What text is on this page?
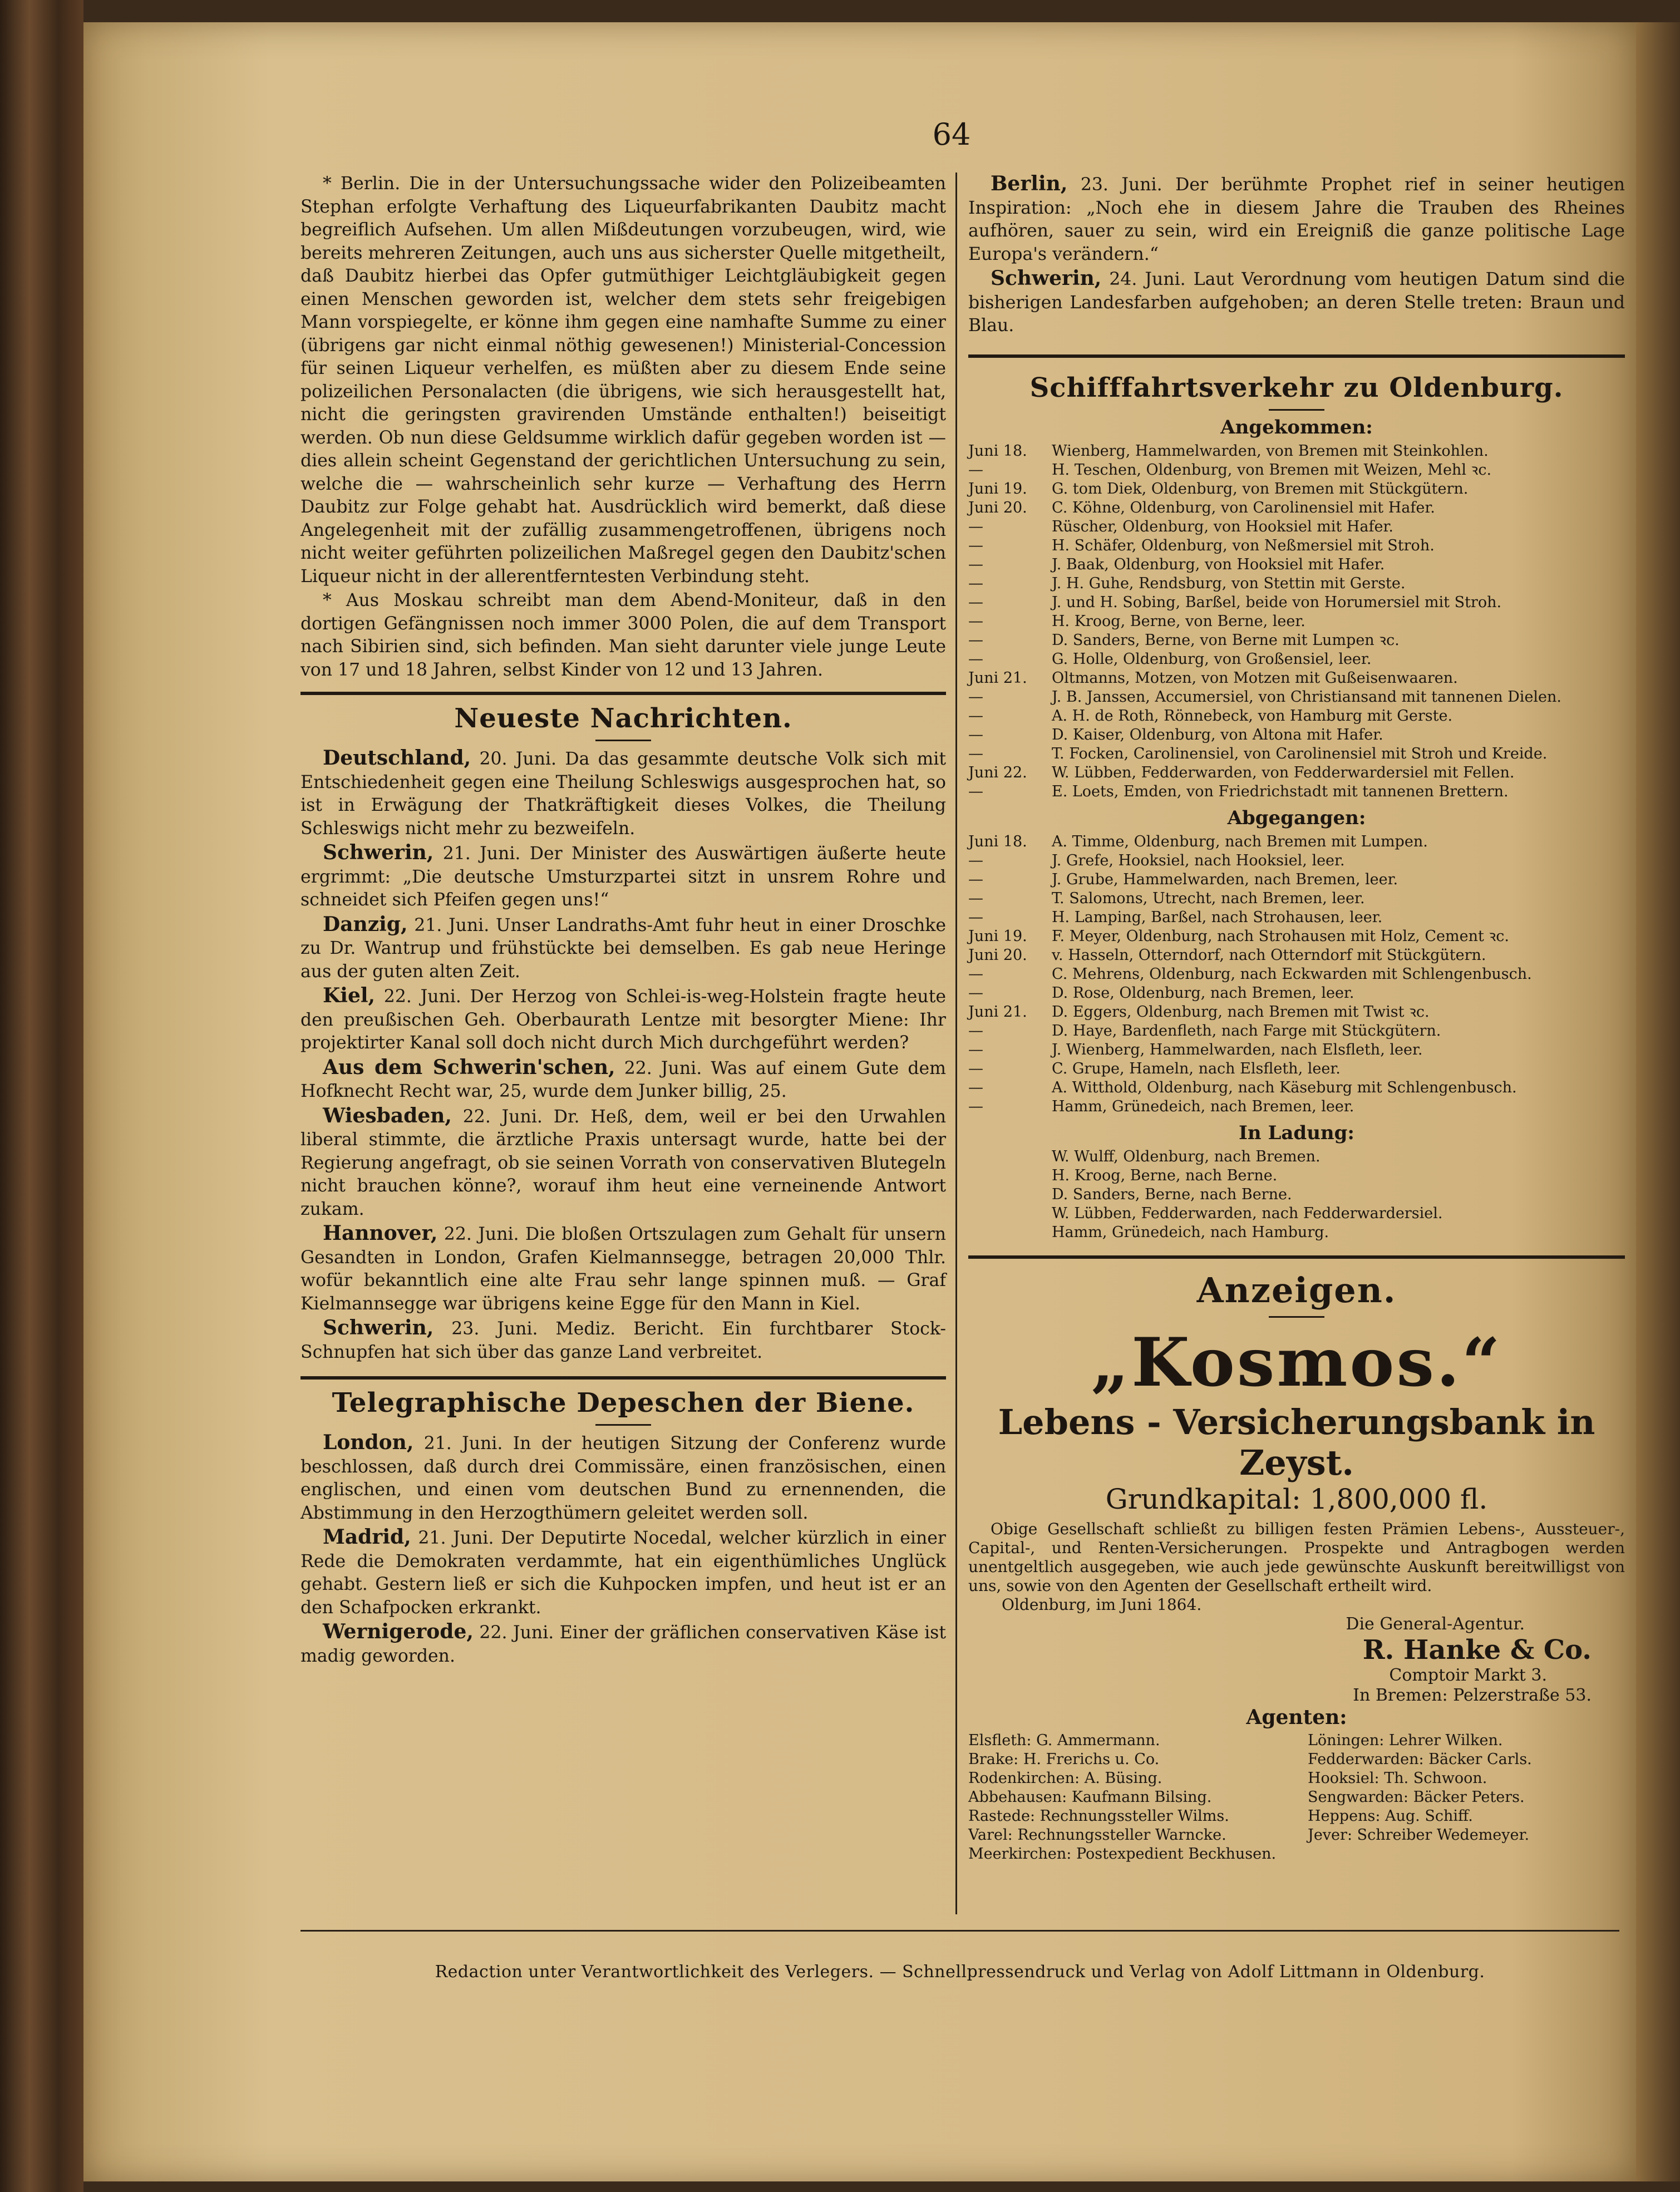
64

* Berlin. Die in der Untersuchungssache wider den Polizeibeamten Stephan erfolgte Verhaftung des Liqueurfabrikanten Daubitz macht begreiflich Aufsehen. Um allen Mißdeutungen vorzubeugen, wird, wie bereits mehreren Zeitungen, auch uns aus sicherster Quelle mitgetheilt, daß Daubitz hierbei das Opfer gutmüthiger Leichtgläubigkeit gegen einen Menschen geworden ist, welcher dem stets sehr freigebigen Mann vorspiegelte, er könne ihm gegen eine namhafte Summe zu einer (übrigens gar nicht einmal nöthig gewesenen!) Ministerial-Concession für seinen Liqueur verhelfen, es müßten aber zu diesem Ende seine polizeilichen Personalacten (die übrigens, wie sich herausgestellt hat, nicht die geringsten gravirenden Umstände enthalten!) beiseitigt werden. Ob nun diese Geldsumme wirklich dafür gegeben worden ist — dies allein scheint Gegenstand der gerichtlichen Untersuchung zu sein, welche die — wahrscheinlich sehr kurze — Verhaftung des Herrn Daubitz zur Folge gehabt hat. Ausdrücklich wird bemerkt, daß diese Angelegenheit mit der zufällig zusammengetroffenen, übrigens noch nicht weiter geführten polizeilichen Maßregel gegen den Daubitz'schen Liqueur nicht in der allerentferntesten Verbindung steht.

* Aus Moskau schreibt man dem Abend-Moniteur, daß in den dortigen Gefängnissen noch immer 3000 Polen, die auf dem Transport nach Sibirien sind, sich befinden. Man sieht darunter viele junge Leute von 17 und 18 Jahren, selbst Kinder von 12 und 13 Jahren.

Neueste Nachrichten.

Deutschland, 20. Juni. Da das gesammte deutsche Volk sich mit Entschiedenheit gegen eine Theilung Schleswigs ausgesprochen hat, so ist in Erwägung der Thatkräftigkeit dieses Volkes, die Theilung Schleswigs nicht mehr zu bezweifeln.

Schwerin, 21. Juni. Der Minister des Auswärtigen äußerte heute ergrimmt: „Die deutsche Umsturzpartei sitzt in unsrem Rohre und schneidet sich Pfeifen gegen uns!“

Danzig, 21. Juni. Unser Landraths-Amt fuhr heut in einer Droschke zu Dr. Wantrup und frühstückte bei demselben. Es gab neue Heringe aus der guten alten Zeit.

Kiel, 22. Juni. Der Herzog von Schlei-is-weg-Holstein fragte heute den preußischen Geh. Oberbaurath Lentze mit besorgter Miene: Ihr projektirter Kanal soll doch nicht durch Mich durchgeführt werden?

Aus dem Schwerin'schen, 22. Juni. Was auf einem Gute dem Hofknecht Recht war, 25, wurde dem Junker billig, 25.

Wiesbaden, 22. Juni. Dr. Heß, dem, weil er bei den Urwahlen liberal stimmte, die ärztliche Praxis untersagt wurde, hatte bei der Regierung angefragt, ob sie seinen Vorrath von conservativen Blutegeln nicht brauchen könne?, worauf ihm heut eine verneinende Antwort zukam.

Hannover, 22. Juni. Die bloßen Ortszulagen zum Gehalt für unsern Gesandten in London, Grafen Kielmannsegge, betragen 20,000 Thlr. wofür bekanntlich eine alte Frau sehr lange spinnen muß. — Graf Kielmannsegge war übrigens keine Egge für den Mann in Kiel.

Schwerin, 23. Juni. Mediz. Bericht. Ein furchtbarer Stock-Schnupfen hat sich über das ganze Land verbreitet.

Telegraphische Depeschen der Biene.

London, 21. Juni. In der heutigen Sitzung der Conferenz wurde beschlossen, daß durch drei Commissäre, einen französischen, einen englischen, und einen vom deutschen Bund zu ernennenden, die Abstimmung in den Herzogthümern geleitet werden soll.

Madrid, 21. Juni. Der Deputirte Nocedal, welcher kürzlich in einer Rede die Demokraten verdammte, hat ein eigenthümliches Unglück gehabt. Gestern ließ er sich die Kuhpocken impfen, und heut ist er an den Schafpocken erkrankt.

Wernigerode, 22. Juni. Einer der gräflichen conservativen Käse ist madig geworden.

Berlin, 23. Juni. Der berühmte Prophet rief in seiner heutigen Inspiration: „Noch ehe in diesem Jahre die Trauben des Rheines aufhören, sauer zu sein, wird ein Ereigniß die ganze politische Lage Europa's verändern.“

Schwerin, 24. Juni. Laut Verordnung vom heutigen Datum sind die bisherigen Landesfarben aufgehoben; an deren Stelle treten: Braun und Blau.

Schifffahrtsverkehr zu Oldenburg.
Angekommen:
Juni 18.	Wienberg, Hammelwarden, von Bremen mit Steinkohlen.
—	H. Teschen, Oldenburg, von Bremen mit Weizen, Mehl ꝛc.
Juni 19.	G. tom Diek, Oldenburg, von Bremen mit Stückgütern.
Juni 20.	C. Köhne, Oldenburg, von Carolinensiel mit Hafer.
—	Rüscher, Oldenburg, von Hooksiel mit Hafer.
—	H. Schäfer, Oldenburg, von Neßmersiel mit Stroh.
—	J. Baak, Oldenburg, von Hooksiel mit Hafer.
—	J. H. Guhe, Rendsburg, von Stettin mit Gerste.
—	J. und H. Sobing, Barßel, beide von Horumersiel mit Stroh.
—	H. Kroog, Berne, von Berne, leer.
—	D. Sanders, Berne, von Berne mit Lumpen ꝛc.
—	G. Holle, Oldenburg, von Großensiel, leer.
Juni 21.	Oltmanns, Motzen, von Motzen mit Gußeisenwaaren.
—	J. B. Janssen, Accumersiel, von Christiansand mit tannenen Dielen.
—	A. H. de Roth, Rönnebeck, von Hamburg mit Gerste.
—	D. Kaiser, Oldenburg, von Altona mit Hafer.
—	T. Focken, Carolinensiel, von Carolinensiel mit Stroh und Kreide.
Juni 22.	W. Lübben, Fedderwarden, von Fedderwardersiel mit Fellen.
—	E. Loets, Emden, von Friedrichstadt mit tannenen Brettern.
Abgegangen:
Juni 18.	A. Timme, Oldenburg, nach Bremen mit Lumpen.
—	J. Grefe, Hooksiel, nach Hooksiel, leer.
—	J. Grube, Hammelwarden, nach Bremen, leer.
—	T. Salomons, Utrecht, nach Bremen, leer.
—	H. Lamping, Barßel, nach Strohausen, leer.
Juni 19.	F. Meyer, Oldenburg, nach Strohausen mit Holz, Cement ꝛc.
Juni 20.	v. Hasseln, Otterndorf, nach Otterndorf mit Stückgütern.
—	C. Mehrens, Oldenburg, nach Eckwarden mit Schlengenbusch.
—	D. Rose, Oldenburg, nach Bremen, leer.
Juni 21.	D. Eggers, Oldenburg, nach Bremen mit Twist ꝛc.
—	D. Haye, Bardenfleth, nach Farge mit Stückgütern.
—	J. Wienberg, Hammelwarden, nach Elsfleth, leer.
—	C. Grupe, Hameln, nach Elsfleth, leer.
—	A. Witthold, Oldenburg, nach Käseburg mit Schlengenbusch.
—	Hamm, Grünedeich, nach Bremen, leer.
In Ladung:
W. Wulff, Oldenburg, nach Bremen.
H. Kroog, Berne, nach Berne.
D. Sanders, Berne, nach Berne.
W. Lübben, Fedderwarden, nach Fedderwardersiel.
Hamm, Grünedeich, nach Hamburg.
Anzeigen.
„Kosmos.“
Lebens - Versicherungsbank in Zeyst.
Grundkapital: 1,800,000 fl.
Obige Gesellschaft schließt zu billigen festen Prämien Lebens-, Aussteuer-, Capital-, und Renten-Versicherungen. Prospekte und Antragbogen werden unentgeltlich ausgegeben, wie auch jede gewünschte Auskunft bereitwilligst von uns, sowie von den Agenten der Gesellschaft ertheilt wird.
Oldenburg, im Juni 1864.
Die General-Agentur.
R. Hanke & Co.
Comptoir Markt 3.
In Bremen: Pelzerstraße 53.
Agenten:
Elsfleth: G. Ammermann.	Löningen: Lehrer Wilken.
Brake: H. Frerichs u. Co.	Fedderwarden: Bäcker Carls.
Rodenkirchen: A. Büsing.	Hooksiel: Th. Schwoon.
Abbehausen: Kaufmann Bilsing.	Sengwarden: Bäcker Peters.
Rastede: Rechnungssteller Wilms.	Heppens: Aug. Schiff.
Varel: Rechnungssteller Warncke.	Jever: Schreiber Wedemeyer.
Meerkirchen: Postexpedient Beckhusen.
Redaction unter Verantwortlichkeit des Verlegers. — Schnellpressendruck und Verlag von Adolf Littmann in Oldenburg.
